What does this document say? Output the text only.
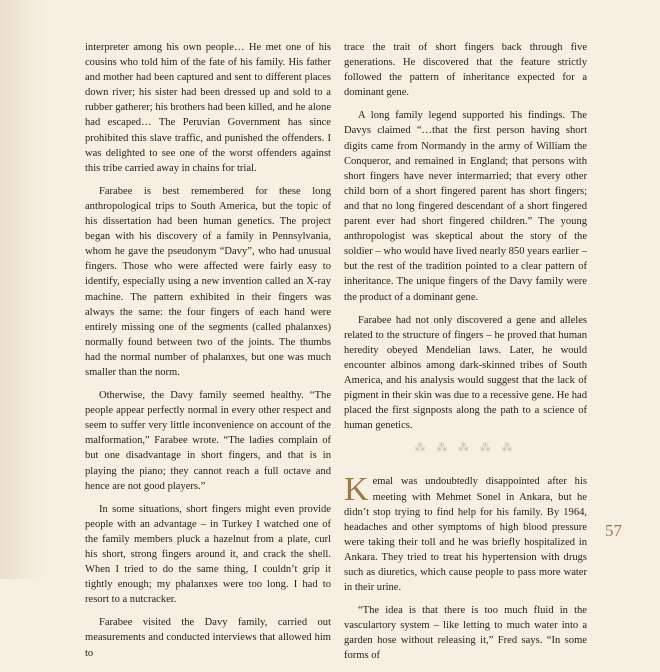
interpreter among his own people… He met one of his cousins who told him of the fate of his family. His father and mother had been captured and sent to different places down river; his sister had been dressed up and sold to a rubber gatherer; his brothers had been killed, and he alone had escaped… The Peruvian Government has since prohibited this slave traffic, and punished the offenders. I was delighted to see one of the worst offenders against this tribe carried away in chains for trial.

Farabee is best remembered for these long anthropological trips to South America, but the topic of his dissertation had been human genetics. The project began with his discovery of a family in Pennsylvania, whom he gave the pseudonym “Davy”, who had unusual fingers. Those who were affected were fairly easy to identify, especially using a new invention called an X-ray machine. The pattern exhibited in their fingers was always the same: the four fingers of each hand were entirely missing one of the segments (called phalanxes) normally found between two of the joints. The thumbs had the normal number of phalanxes, but one was much smaller than the norm.

Otherwise, the Davy family seemed healthy. “The people appear perfectly normal in every other respect and seem to suffer very little inconvenience on account of the malformation,” Farabee wrote. “The ladies complain of but one disadvantage in short fingers, and that is in playing the piano; they cannot reach a full octave and hence are not good players.”

In some situations, short fingers might even provide people with an advantage – in Turkey I watched one of the family members pluck a hazelnut from a plate, curl his short, strong fingers around it, and crack the shell. When I tried to do the same thing, I couldn’t grip it tightly enough; my phalanxes were too long. I had to resort to a nutcracker.

Farabee visited the Davy family, carried out measurements and conducted interviews that allowed him to

trace the trait of short fingers back through five generations. He discovered that the feature strictly followed the pattern of inheritance expected for a dominant gene.

A long family legend supported his findings. The Davys claimed “…that the first person having short digits came from Normandy in the army of William the Conqueror, and remained in England; that persons with short fingers have never intermarried; that every other child born of a short fingered parent has short fingers; and that no long fingered descendant of a short fingered parent ever had short fingered children.” The young anthropologist was skeptical about the story of the soldier – who would have lived nearly 850 years earlier – but the rest of the tradition pointed to a clear pattern of inheritance. The unique fingers of the Davy family were the product of a dominant gene.

Farabee had not only discovered a gene and alleles related to the structure of fingers – he proved that human heredity obeyed Mendelian laws. Later, he would encounter albinos among dark-skinned tribes of South America, and his analysis would suggest that the lack of pigment in their skin was due to a recessive gene. He had placed the first signposts along the path to a science of human genetics.

⁂ ⁂ ⁂ ⁂ ⁂

Kemal was undoubtedly disappointed after his meeting with Mehmet Sonel in Ankara, but he didn’t stop trying to find help for his family. By 1964, headaches and other symptoms of high blood pressure were taking their toll and he was briefly hospitalized in Ankara. They tried to treat his hypertension with drugs such as diuretics, which cause people to pass more water in their urine.

“The idea is that there is too much fluid in the vasculartory system – like letting to much water into a garden hose without releasing it,” Fred says. “In some forms of

57
